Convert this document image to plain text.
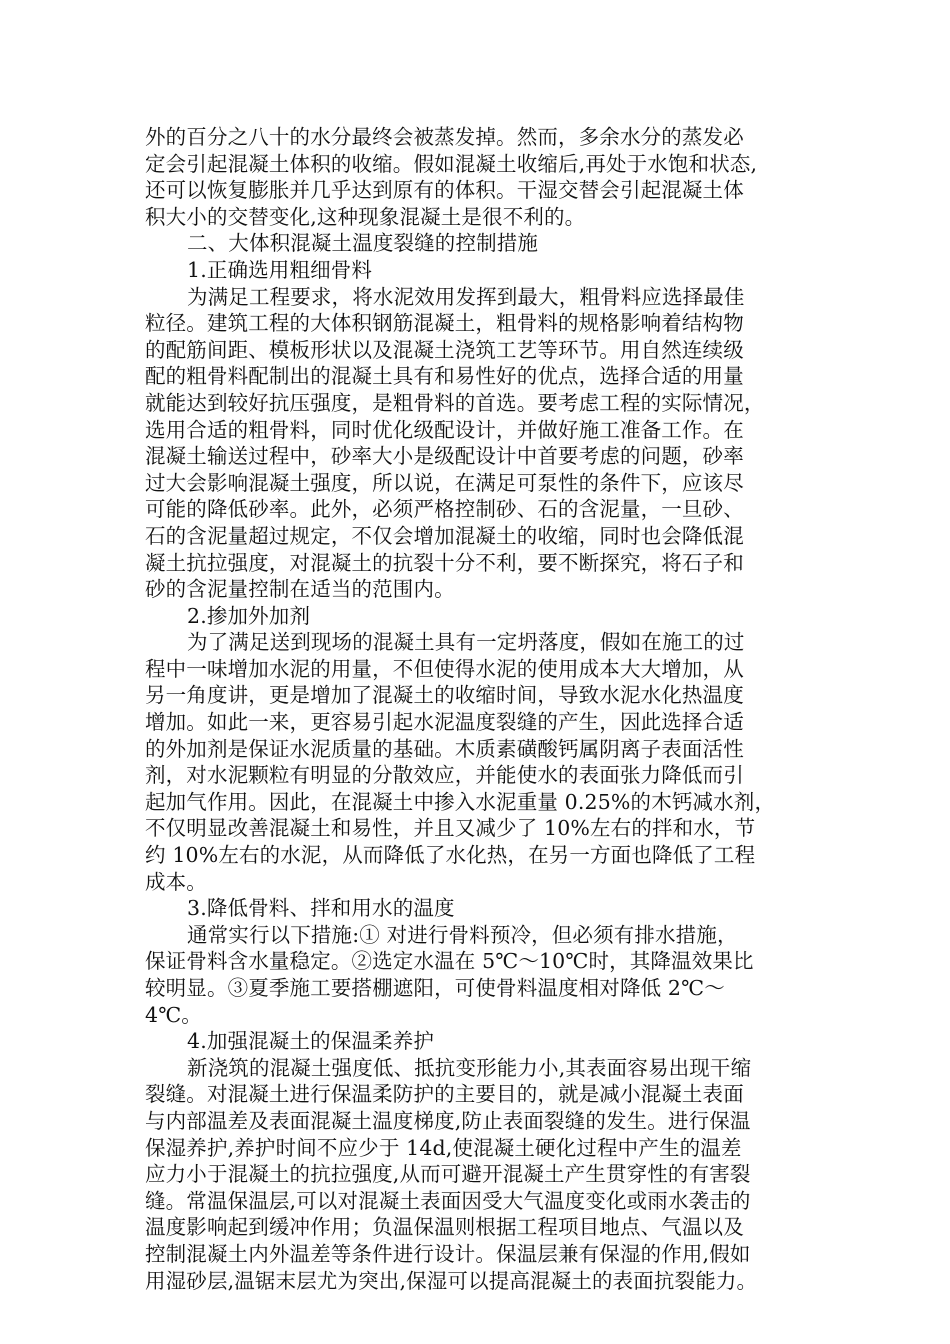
外的百分之八十的水分最终会被蒸发掉。然而，多余水分的蒸发必
定会引起混凝土体积的收缩。假如混凝土收缩后,再处于水饱和状态,
还可以恢复膨胀并几乎达到原有的体积。干湿交替会引起混凝土体
积大小的交替变化,这种现象混凝土是很不利的。
二、大体积混凝土温度裂缝的控制措施
1.正确选用粗细骨料
为满足工程要求，将水泥效用发挥到最大，粗骨料应选择最佳
粒径。建筑工程的大体积钢筋混凝土，粗骨料的规格影响着结构物
的配筋间距、模板形状以及混凝土浇筑工艺等环节。用自然连续级
配的粗骨料配制出的混凝土具有和易性好的优点，选择合适的用量
就能达到较好抗压强度，是粗骨料的首选。要考虑工程的实际情况，
选用合适的粗骨料，同时优化级配设计，并做好施工准备工作。在
混凝土输送过程中，砂率大小是级配设计中首要考虑的问题，砂率
过大会影响混凝土强度，所以说，在满足可泵性的条件下，应该尽
可能的降低砂率。此外，必须严格控制砂、石的含泥量，一旦砂、
石的含泥量超过规定，不仅会增加混凝土的收缩，同时也会降低混
凝土抗拉强度，对混凝土的抗裂十分不利，要不断探究，将石子和
砂的含泥量控制在适当的范围内。
2.掺加外加剂
为了满足送到现场的混凝土具有一定坍落度，假如在施工的过
程中一味增加水泥的用量，不但使得水泥的使用成本大大增加，从
另一角度讲，更是增加了混凝土的收缩时间，导致水泥水化热温度
增加。如此一来，更容易引起水泥温度裂缝的产生，因此选择合适
的外加剂是保证水泥质量的基础。木质素磺酸钙属阴离子表面活性
剂，对水泥颗粒有明显的分散效应，并能使水的表面张力降低而引
起加气作用。因此，在混凝土中掺入水泥重量 0.25%的木钙减水剂，
不仅明显改善混凝土和易性，并且又减少了 10%左右的拌和水，节
约 10%左右的水泥，从而降低了水化热，在另一方面也降低了工程
成本。
3.降低骨料、拌和用水的温度
通常实行以下措施:① 对进行骨料预冷，但必须有排水措施，
保证骨料含水量稳定。②选定水温在 5℃～10℃时，其降温效果比
较明显。③夏季施工要搭棚遮阳，可使骨料温度相对降低 2℃～
4℃。
4.加强混凝土的保温柔养护
新浇筑的混凝土强度低、抵抗变形能力小,其表面容易出现干缩
裂缝。对混凝土进行保温柔防护的主要目的，就是减小混凝土表面
与内部温差及表面混凝土温度梯度,防止表面裂缝的发生。进行保温
保湿养护,养护时间不应少于 14d,使混凝土硬化过程中产生的温差
应力小于混凝土的抗拉强度,从而可避开混凝土产生贯穿性的有害裂
缝。常温保温层,可以对混凝土表面因受大气温度变化或雨水袭击的
温度影响起到缓冲作用；负温保温则根据工程项目地点、气温以及
控制混凝土内外温差等条件进行设计。保温层兼有保湿的作用,假如
用湿砂层,温锯末层尤为突出,保湿可以提高混凝土的表面抗裂能力。
